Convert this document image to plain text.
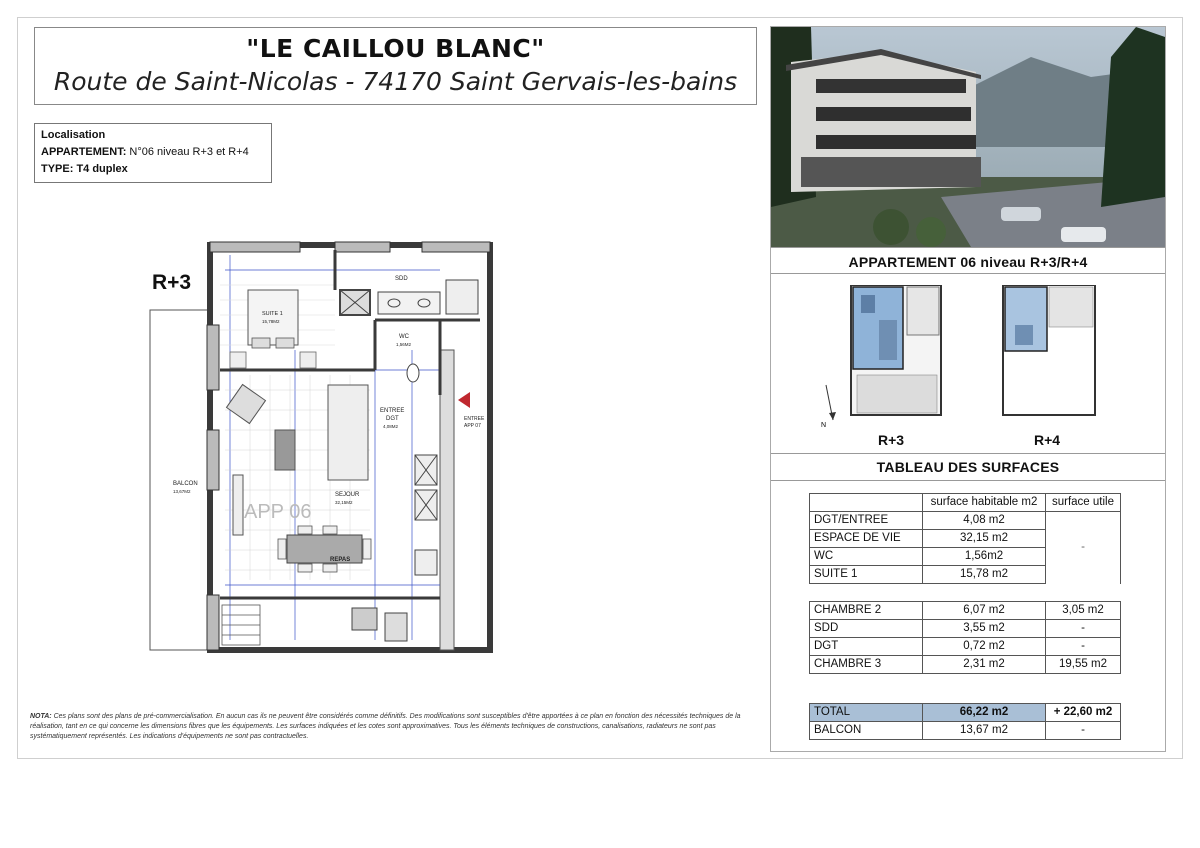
"LE CAILLOU BLANC"
Route de Saint-Nicolas - 74170 Saint Gervais-les-bains
Localisation
APPARTEMENT: N°06 niveau R+3 et R+4
TYPE: T4 duplex
R+3	SDD
SUITE 1
15,78M2
WC
1,56M2
ENTREE
DGT
4,08M2
ENTREE
APP 07
SEJOUR
32,15M2
REPAS
BALCON
13,67M2
APP 06
NOTA: Ces plans sont des plans de pré-commercialisation. En aucun cas ils ne peuvent être considérés comme définitifs. Des modifications sont susceptibles d'être apportées à ce plan en fonction des nécessités techniques de la réalisation, tant en ce qui concerne les dimensions fibres que les équipements. Les surfaces indiquées et les cotes sont approximatives. Tous les éléments techniques de constructions, canalisations, radiateurs ne sont pas systématiquement représentés. Les indications d'équipements ne sont pas contractuelles.
APPARTEMENT 06 niveau R+3/R+4
N
R+3	R+4
TABLEAU DES SURFACES
	surface habitable m2	surface utile
DGT/ENTREE	4,08 m2	-
ESPACE DE VIE	32,15 m2	
WC	1,56m2	
SUITE 1	15,78 m2	
CHAMBRE 2	6,07 m2	3,05 m2
SDD	3,55 m2	-
DGT	0,72 m2	-
CHAMBRE 3	2,31 m2	19,55 m2
TOTAL	66,22 m2	+ 22,60 m2
BALCON	13,67 m2	-
